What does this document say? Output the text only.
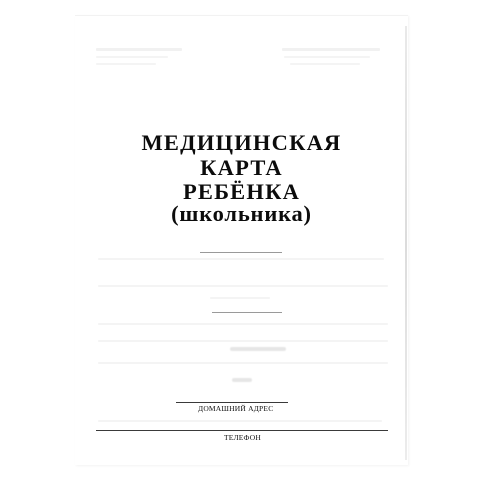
МЕДИЦИНСКАЯ
КАРТА
РЕБЁНКА
(школьника)
ДОМАШНИЙ АДРЕС
ТЕЛЕФОН
